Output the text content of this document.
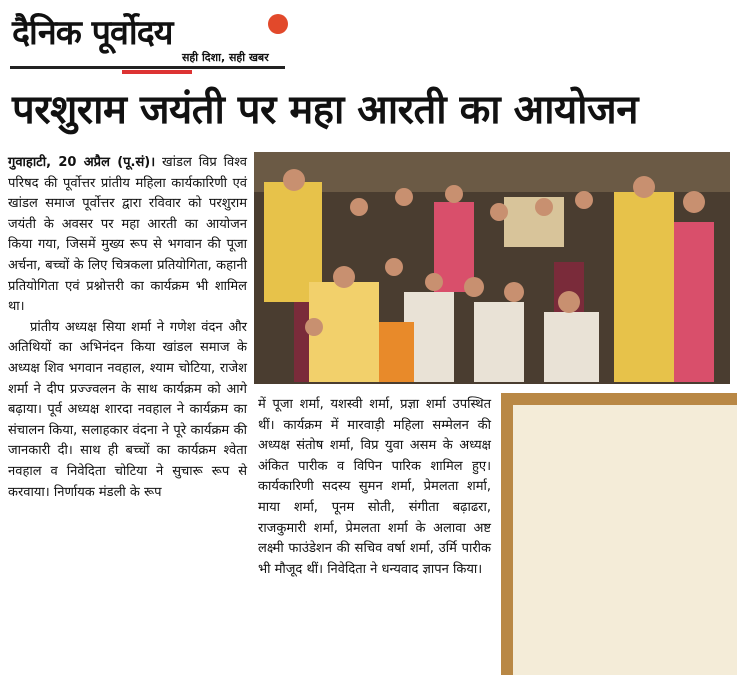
दैनिक पूर्वोदय
सही दिशा, सही खबर
परशुराम जयंती पर महा आरती का आयोजन

गुवाहाटी, 20 अप्रैल (पू.सं)। खांडल विप्र विश्व परिषद की पूर्वोत्तर प्रांतीय महिला कार्यकारिणी एवं खांडल समाज पूर्वोत्तर द्वारा रविवार को परशुराम जयंती के अवसर पर महा आरती का आयोजन किया गया, जिसमें मुख्य रूप से भगवान की पूजा अर्चना, बच्चों के लिए चित्रकला प्रतियोगिता, कहानी प्रतियोगिता एवं प्रश्नोत्तरी का कार्यक्रम भी शामिल था।

प्रांतीय अध्यक्ष सिया शर्मा ने गणेश वंदन और अतिथियों का अभिनंदन किया खांडल समाज के अध्यक्ष शिव भगवान नवहाल, श्याम चोटिया, राजेश शर्मा ने दीप प्रज्ज्वलन के साथ कार्यक्रम को आगे बढ़ाया। पूर्व अध्यक्ष शारदा नवहाल ने कार्यक्रम का संचालन किया, सलाहकार वंदना ने पूरे कार्यक्रम की जानकारी दी। साथ ही बच्चों का कार्यक्रम श्वेता नवहाल व निवेदिता चोटिया ने सुचारू रूप से करवाया। निर्णायक मंडली के रूप

में पूजा शर्मा, यशस्वी शर्मा, प्रज्ञा शर्मा उपस्थित थीं। कार्यक्रम में मारवाड़ी महिला सम्मेलन की अध्यक्ष संतोष शर्मा, विप्र युवा असम के अध्यक्ष अंकित पारीक व विपिन पारिक शामिल हुए। कार्यकारिणी सदस्य सुमन शर्मा, प्रेमलता शर्मा, माया शर्मा, पूनम सोती, संगीता बढ़ाढरा, राजकुमारी शर्मा, प्रेमलता शर्मा के अलावा अष्ट लक्ष्मी फाउंडेशन की सचिव वर्षा शर्मा, उर्मि पारीक भी मौजूद थीं। निवेदिता ने धन्यवाद ज्ञापन किया।
